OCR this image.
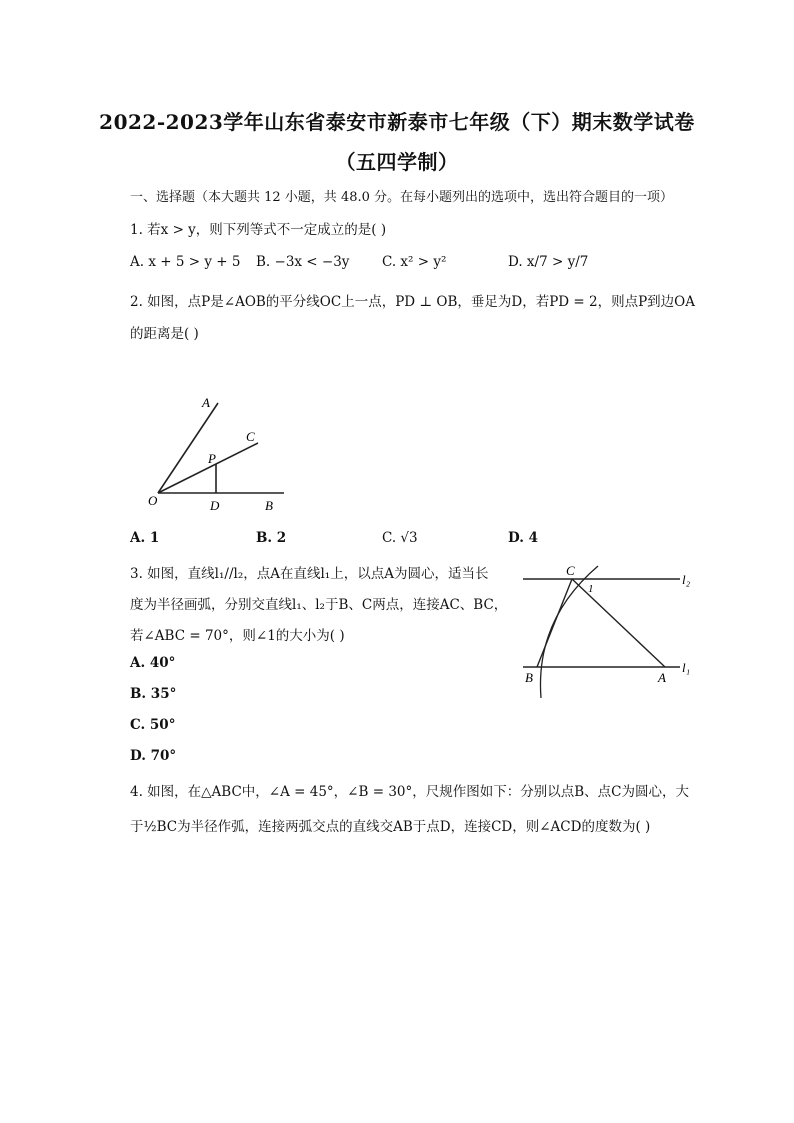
2022-2023学年山东省泰安市新泰市七年级（下）期末数学试卷
（五四学制）
一、选择题（本大题共 12 小题，共 48.0 分。在每小题列出的选项中，选出符合题目的一项）
1. 若x > y，则下列等式不一定成立的是( )
A. x + 5 > y + 5 B. −3x < −3y C. x² > y²	D. x/7 > y/7
2. 如图，点P是∠AOB的平分线OC上一点，PD ⊥ OB，垂足为D，若PD = 2，则点P到边OA
的距离是( )
A
C
P
O	D	B
A. 1	B. 2	C. √3	D. 4
3. 如图，直线l₁//l₂，点A在直线l₁上，以点A为圆心，适当长
度为半径画弧，分别交直线l₁、l₂于B、C两点，连接AC、BC，
若∠ABC = 70°，则∠1的大小为( )
C
1
l₂
B	A
l₁
A. 40°
B. 35°
C. 50°
D. 70°
4. 如图，在△ABC中，∠A = 45°，∠B = 30°，尺规作图如下：分别以点B、点C为圆心，大
于½BC为半径作弧，连接两弧交点的直线交AB于点D，连接CD，则∠ACD的度数为( )
